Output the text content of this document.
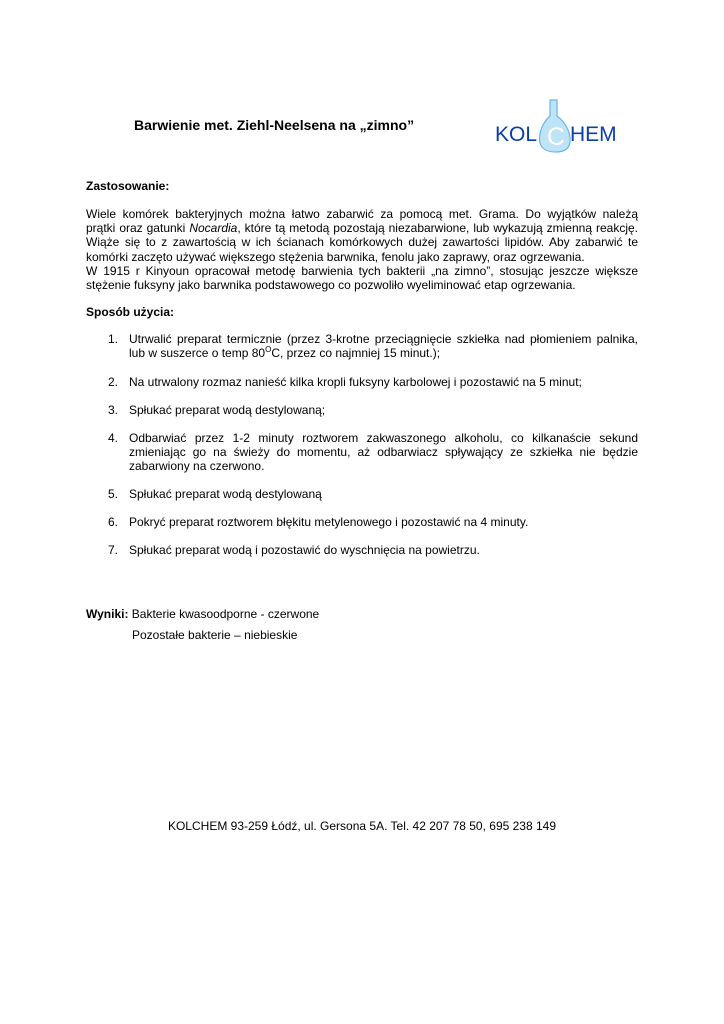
Barwienie met. Ziehl-Neelsena na „zimno”	KOL C HEM
Zastosowanie:
Wiele komórek bakteryjnych można łatwo zabarwić za pomocą met. Grama. Do wyjątków należą
prątki oraz gatunki Nocardia, które tą metodą pozostają niezabarwione, lub wykazują zmienną reakcję.
Wiąże się to z zawartością w ich ścianach komórkowych dużej zawartości lipidów. Aby zabarwić te
komórki zaczęto używać większego stężenia barwnika, fenolu jako zaprawy, oraz ogrzewania.
W 1915 r Kinyoun opracował metodę barwienia tych bakterii „na zimno”, stosując jeszcze większe
stężenie fuksyny jako barwnika podstawowego co pozwoliło wyeliminować etap ogrzewania.
Sposób użycia:
1. Utrwalić preparat termicznie (przez 3-krotne przeciągnięcie szkiełka nad płomieniem palnika,
lub w suszerce o temp $80^OC$, przez co najmniej 15 minut.);
2. Na utrwalony rozmaz nanieść kilka kropli fuksyny karbolowej i pozostawić na 5 minut;
3. Spłukać preparat wodą destylowaną;
4. Odbarwiać przez 1-2 minuty roztworem zakwaszonego alkoholu, co kilkanaście sekund
zmieniając go na świeży do momentu, aż odbarwiacz spływający ze szkiełka nie będzie
zabarwiony na czerwono.
5. Spłukać preparat wodą destylowaną
6. Pokryć preparat roztworem błękitu metylenowego i pozostawić na 4 minuty.
7. Spłukać preparat wodą i pozostawić do wyschnięcia na powietrzu.
Wyniki: Bakterie kwasoodporne - czerwone
Pozostałe bakterie – niebieskie
KOLCHEM 93-259 Łódź, ul. Gersona 5A. Tel. 42 207 78 50, 695 238 149
